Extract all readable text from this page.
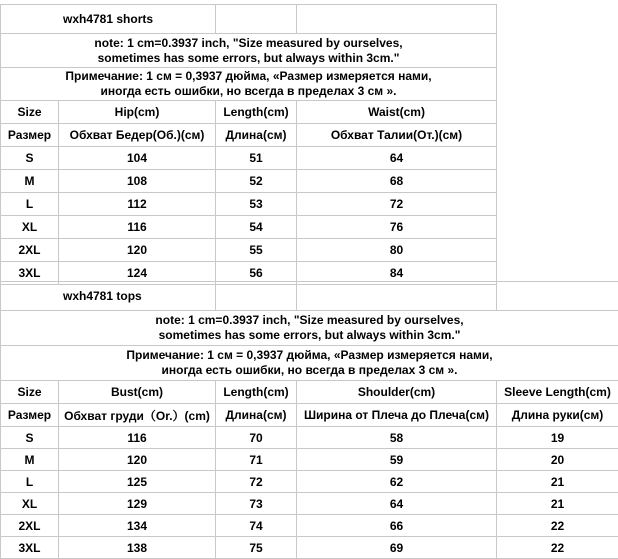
wxh4781 shorts			

note: 1 cm=0.3937 inch, "Size measured by ourselves,
sometimes has some errors, but always within 3cm."			

Примечание: 1 см = 0,3937 дюйма, «Размер измеряется нами,
иногда есть ошибки, но всегда в пределах 3 см ».			

Size	Hip(cm)	Length(cm)	Waist(cm)
Размер	Обхват Бедер(Об.)(см)	Длина(см)	Обхват Талии(От.)(см)
S	104	51	64
M	108	52	68
L	112	53	72
XL	116	54	76
2XL	120	55	80
3XL	124	56	84
wxh4781 tops				

note: 1 cm=0.3937 inch, "Size measured by ourselves,
sometimes has some errors, but always within 3cm."				

Примечание: 1 см = 0,3937 дюйма, «Размер измеряется нами,
иногда есть ошибки, но всегда в пределах 3 см ».				

Size	Bust(cm)	Length(cm)	Shoulder(cm)	Sleeve Length(cm)
Размер	Обхват груди（Or.）(cm)	Длина(см)	Ширина от Плеча до Плеча(см)	Длина руки(см)
S	116	70	58	19
M	120	71	59	20
L	125	72	62	21
XL	129	73	64	21
2XL	134	74	66	22
3XL	138	75	69	22
